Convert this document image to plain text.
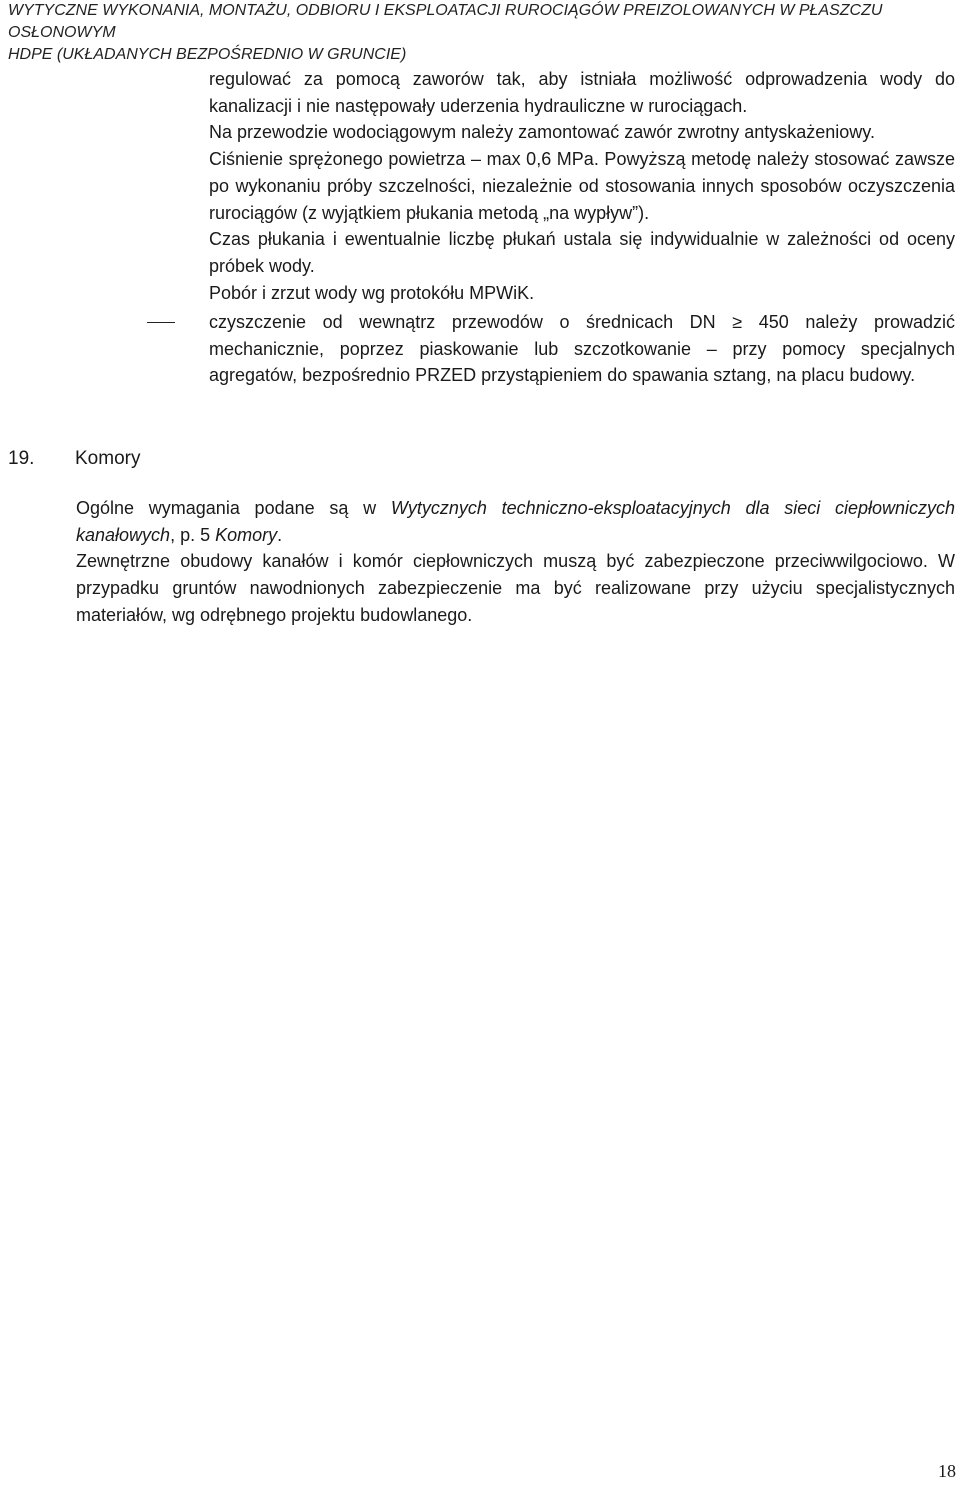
WYTYCZNE WYKONANIA, MONTAŻU, ODBIORU I EKSPLOATACJI RUROCIĄGÓW PREIZOLOWANYCH W PŁASZCZU OSŁONOWYM
HDPE (UKŁADANYCH BEZPOŚREDNIO W GRUNCIE)

regulować za pomocą zaworów tak, aby istniała możliwość odprowadzenia wody do kanalizacji i nie następowały uderzenia hydrauliczne w rurociągach.

Na przewodzie wodociągowym należy zamontować zawór zwrotny antyskażeniowy.

Ciśnienie sprężonego powietrza – max 0,6 MPa. Powyższą metodę należy stosować zawsze po wykonaniu próby szczelności, niezależnie od stosowania innych sposobów oczyszczenia rurociągów (z wyjątkiem płukania metodą „na wypływ”).

Czas płukania i ewentualnie liczbę płukań ustala się indywidualnie w zależności od oceny próbek wody.

Pobór i zrzut wody wg protokółu MPWiK.

czyszczenie od wewnątrz przewodów o średnicach DN ≥ 450 należy prowadzić mechanicznie, poprzez piaskowanie lub szczotkowanie – przy pomocy specjalnych agregatów, bezpośrednio PRZED przystąpieniem do spawania sztang, na placu budowy.

19. Komory

Ogólne wymagania podane są w Wytycznych techniczno-eksploatacyjnych dla sieci ciepłowniczych kanałowych, p. 5 Komory.

Zewnętrzne obudowy kanałów i komór ciepłowniczych muszą być zabezpieczone przeciwwilgociowo. W przypadku gruntów nawodnionych zabezpieczenie ma być realizowane przy użyciu specjalistycznych materiałów, wg odrębnego projektu budowlanego.

18
